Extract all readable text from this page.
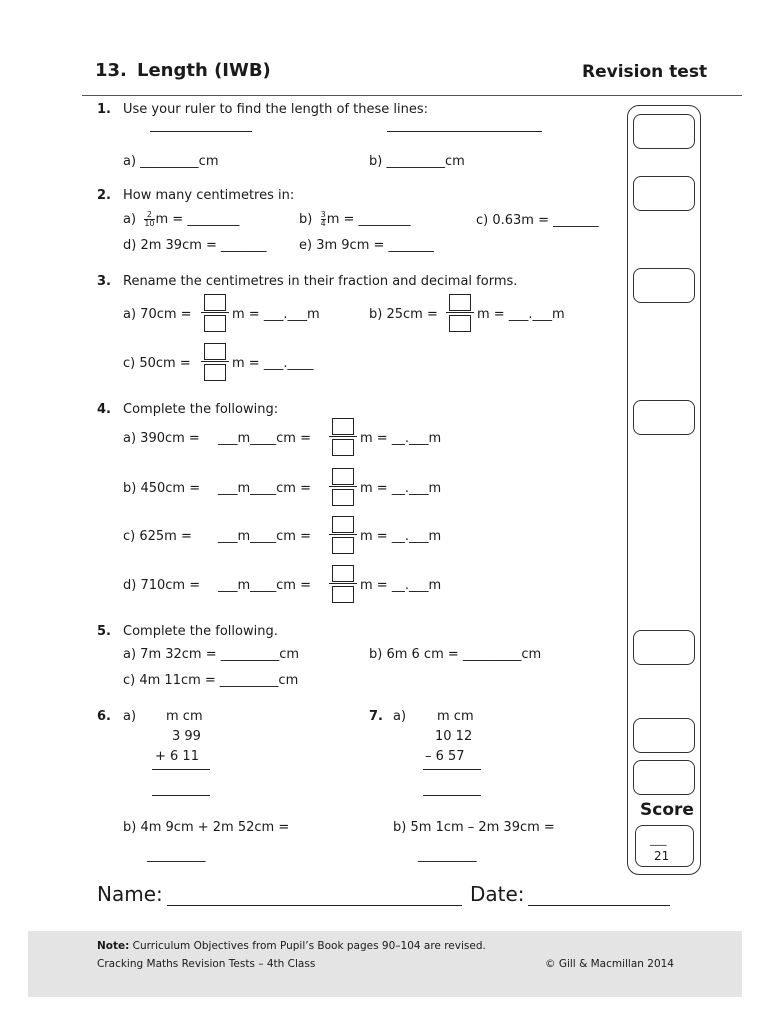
13. Length (IWB)	Revision test
Score
___
21
1. Use your ruler to find the length of these lines:
a) _________cm	b) _________cm
2. How many centimetres in:
$a) \frac{2}{10}$ m = ________	$b) \frac{3}{4}$ m = ________	c) 0.63m = _______
d) 2m 39cm = _______ e) 3m 9cm = _______
3. Rename the centimetres in their fraction and decimal forms.
a) 70cm =	m = ___.___m	b) 25cm =	m = ___.___m
c) 50cm =	m = ___.____
4. Complete the following:
a) 390cm = ___m____cm =	m = __.___m
b) 450cm = ___m____cm =	m = __.___m
c) 625m = ___m____cm =	m = __.___m
d) 710cm = ___m____cm =	m = __.___m
5. Complete the following.
a) 7m 32cm = _________cm	b) 6m 6 cm = _________cm
c) 4m 11cm = _________cm
6. a) m cm
3 99
+ 6 11
b) 4m 9cm + 2m 52cm =
_________
7. a) m cm
10 12
– 6 57
b) 5m 1cm – 2m 39cm =
_________
Name:	Date:
Note: Curriculum Objectives from Pupil’s Book pages 90–104 are revised.
Cracking Maths Revision Tests – 4th Class	© Gill & Macmillan 2014
